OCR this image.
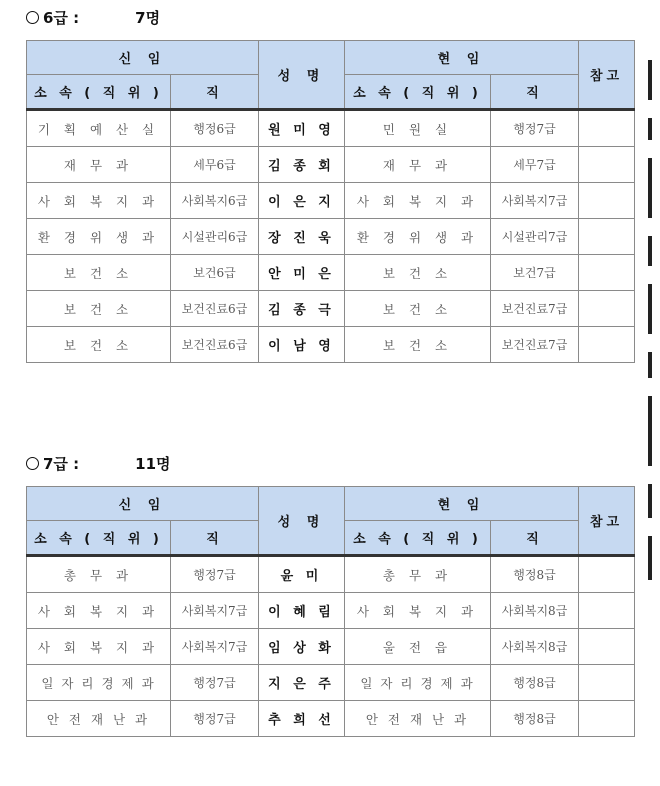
6급 :	7명
신 임		성 명	현 임		참고
소 속 ( 직 위 )	직		소 속 ( 직 위 )	직	
기 획 예 산 실	행정6급	원 미 영	민 원 실	행정7급	
재 무 과	세무6급	김 종 회	재 무 과	세무7급	
사 회 복 지 과	사회복지6급	이 은 지	사 회 복 지 과	사회복지7급	
환 경 위 생 과	시설관리6급	장 진 욱	환 경 위 생 과	시설관리7급	
보 건 소	보건6급	안 미 은	보 건 소	보건7급	
보 건 소	보건진료6급	김 종 극	보 건 소	보건진료7급	
보 건 소	보건진료6급	이 남 영	보 건 소	보건진료7급	
7급 :	11명
신 임		성 명	현 임		참고
소 속 ( 직 위 )	직		소 속 ( 직 위 )	직	
총 무 과	행정7급	윤 미	총 무 과	행정8급	
사 회 복 지 과	사회복지7급	이 혜 림	사 회 복 지 과	사회복지8급	
사 회 복 지 과	사회복지7급	임 상 화	울 전 읍	사회복지8급	
일 자 리 경 제 과	행정7급	지 은 주	일 자 리 경 제 과	행정8급	
안 전 재 난 과	행정7급	추 희 선	안 전 재 난 과	행정8급	
